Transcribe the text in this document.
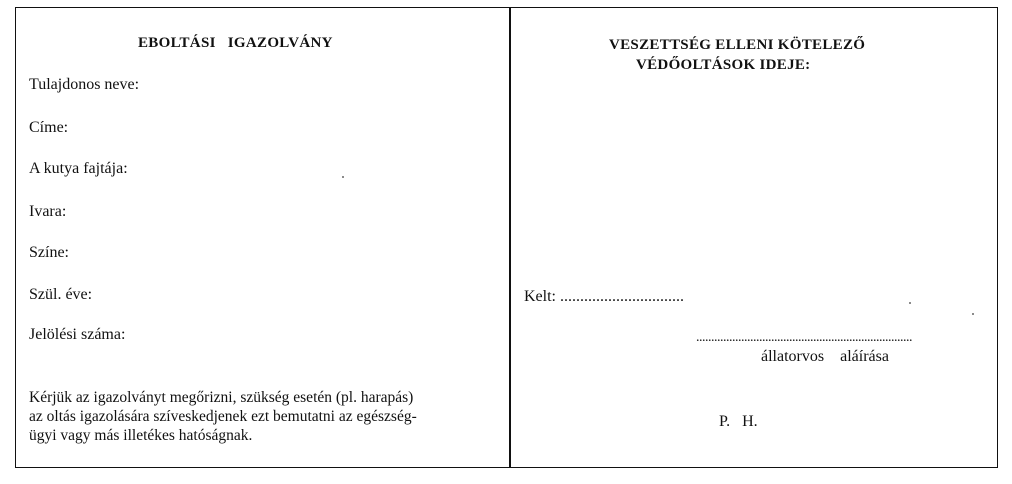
EBOLTÁSI IGAZOLVÁNY
Tulajdonos neve:
Címe:
A kutya fajtája:
Ivara:
Színe:
Szül. éve:
Jelölési száma:
Kérjük az igazolványt megőrizni, szükség esetén (pl. harapás)
az oltás igazolására szíveskedjenek ezt bemutatni az egészség-
ügyi vagy más illetékes hatóságnak.
VESZETTSÉG ELLENI KÖTELEZŐ
VÉDŐOLTÁSOK IDEJE:
Kelt: ...............................
........................................................................
állatorvos aláírása
P. H.
